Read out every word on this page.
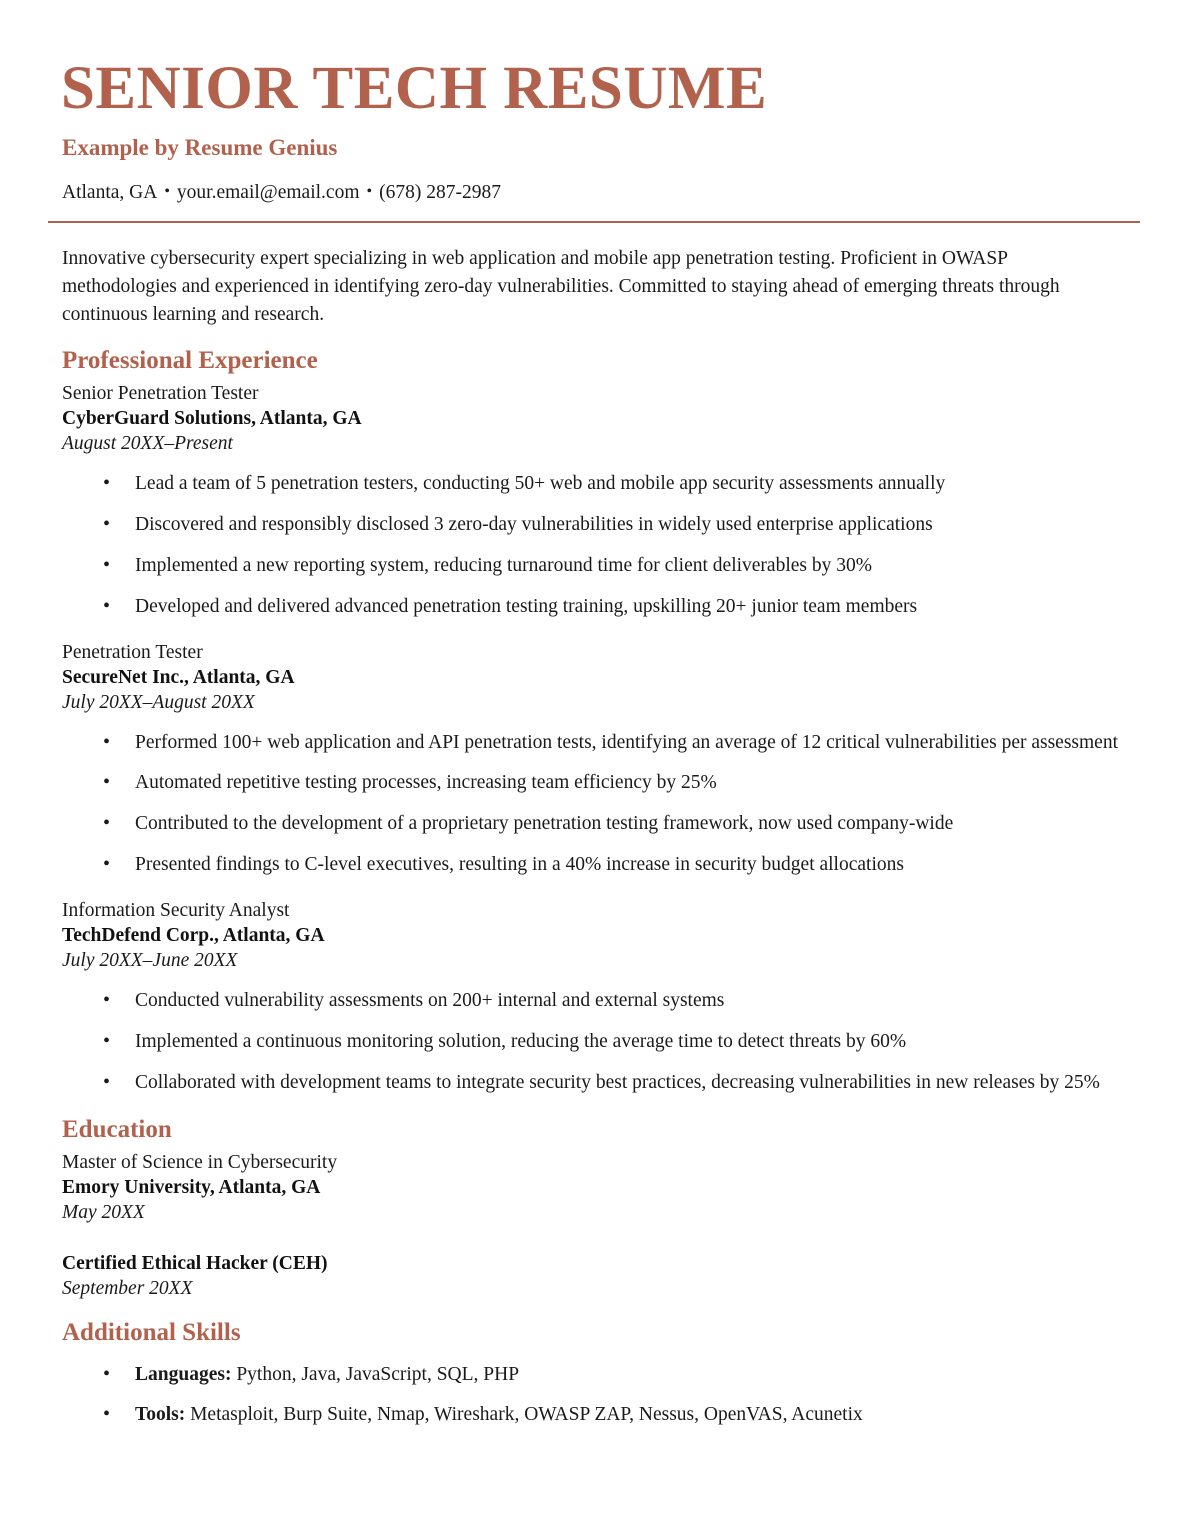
SENIOR TECH RESUME
Example by Resume Genius
Atlanta, GA • your.email@email.com • (678) 287-2987
Innovative cybersecurity expert specializing in web application and mobile app penetration testing. Proficient in OWASP methodologies and experienced in identifying zero-day vulnerabilities. Committed to staying ahead of emerging threats through continuous learning and research.
Professional Experience
Senior Penetration Tester
CyberGuard Solutions, Atlanta, GA
August 20XX–Present
• Lead a team of 5 penetration testers, conducting 50+ web and mobile app security assessments annually
• Discovered and responsibly disclosed 3 zero-day vulnerabilities in widely used enterprise applications
• Implemented a new reporting system, reducing turnaround time for client deliverables by 30%
• Developed and delivered advanced penetration testing training, upskilling 20+ junior team members
Penetration Tester
SecureNet Inc., Atlanta, GA
July 20XX–August 20XX
• Performed 100+ web application and API penetration tests, identifying an average of 12 critical vulnerabilities per assessment
• Automated repetitive testing processes, increasing team efficiency by 25%
• Contributed to the development of a proprietary penetration testing framework, now used company-wide
• Presented findings to C-level executives, resulting in a 40% increase in security budget allocations
Information Security Analyst
TechDefend Corp., Atlanta, GA
July 20XX–June 20XX
• Conducted vulnerability assessments on 200+ internal and external systems
• Implemented a continuous monitoring solution, reducing the average time to detect threats by 60%
• Collaborated with development teams to integrate security best practices, decreasing vulnerabilities in new releases by 25%
Education
Master of Science in Cybersecurity
Emory University, Atlanta, GA
May 20XX
Certified Ethical Hacker (CEH)
September 20XX
Additional Skills
• Languages: Python, Java, JavaScript, SQL, PHP
• Tools: Metasploit, Burp Suite, Nmap, Wireshark, OWASP ZAP, Nessus, OpenVAS, Acunetix
